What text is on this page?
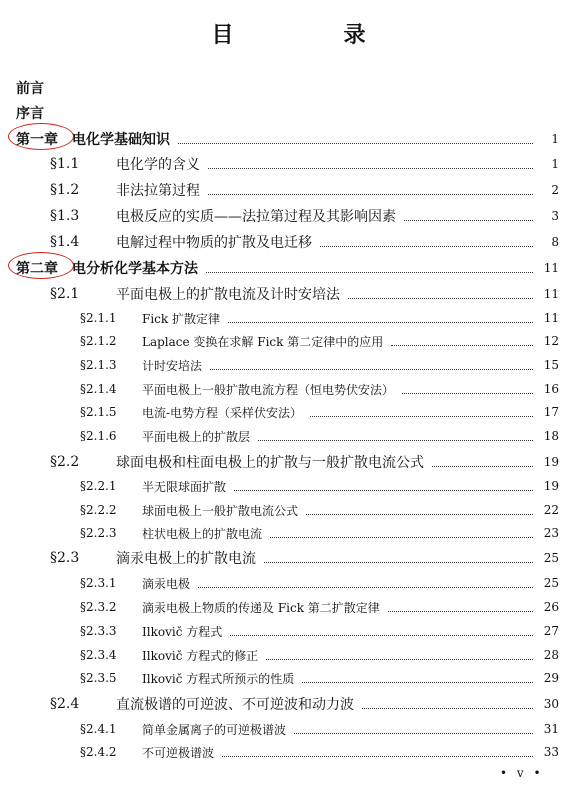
目　录
前言
序言
第一章 电化学基础知识	1
§1.1	电化学的含义	1
§1.2	非法拉第过程	2
§1.3	电极反应的实质——法拉第过程及其影响因素	3
§1.4	电解过程中物质的扩散及电迁移	8
第二章 电分析化学基本方法	11
§2.1	平面电极上的扩散电流及计时安培法	11
§2.1.1	Fick 扩散定律	11
§2.1.2	Laplace 变换在求解 Fick 第二定律中的应用	12
§2.1.3	计时安培法	15
§2.1.4	平面电极上一般扩散电流方程（恒电势伏安法）	16
§2.1.5	电流-电势方程（采样伏安法）	17
§2.1.6	平面电极上的扩散层	18
§2.2	球面电极和柱面电极上的扩散与一般扩散电流公式	19
§2.2.1	半无限球面扩散	19
§2.2.2	球面电极上一般扩散电流公式	22
§2.2.3	柱状电极上的扩散电流	23
§2.3	滴汞电极上的扩散电流	25
§2.3.1	滴汞电极	25
§2.3.2	滴汞电极上物质的传递及 Fick 第二扩散定律	26
§2.3.3	Ilkovič 方程式	27
§2.3.4	Ilkovič 方程式的修正	28
§2.3.5	Ilkovič 方程式所预示的性质	29
§2.4	直流极谱的可逆波、不可逆波和动力波	30
§2.4.1	简单金属离子的可逆极谱波	31
§2.4.2	不可逆极谱波	33
• v •
